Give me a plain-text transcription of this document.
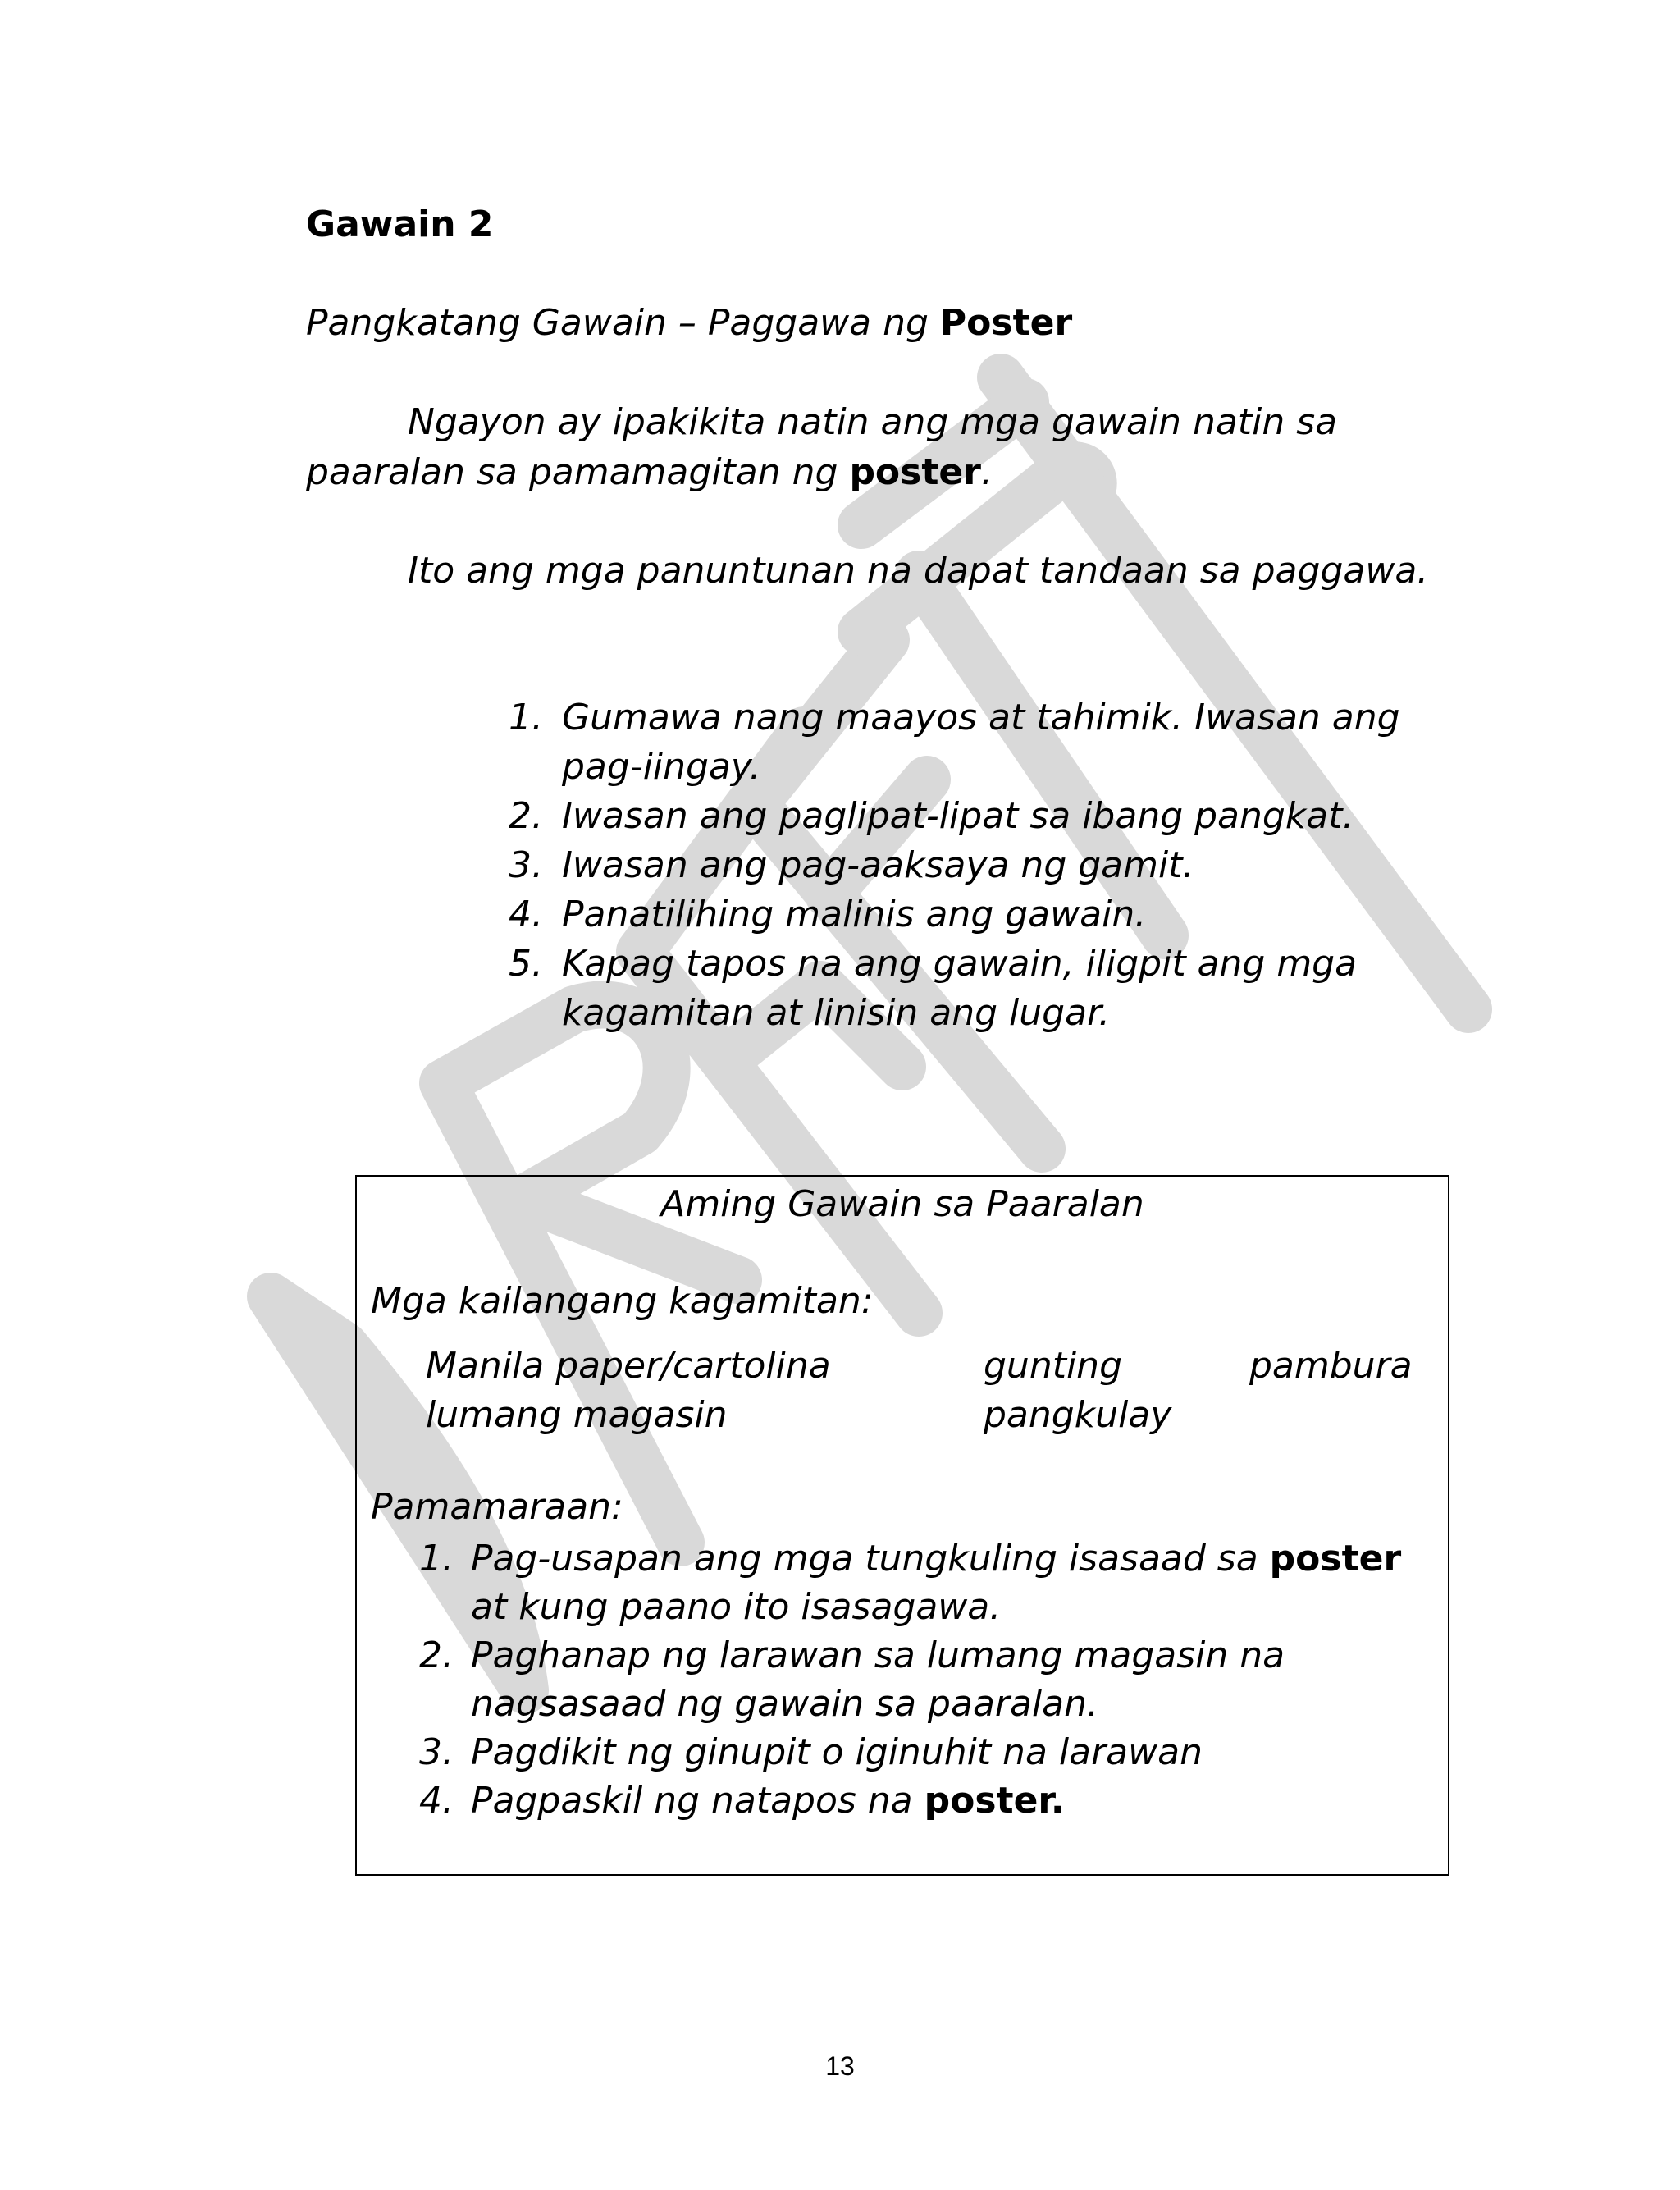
Gawain 2

Pangkatang Gawain – Paggawa ng Poster

Ngayon ay ipakikita natin ang mga gawain natin sa paaralan sa pamamagitan ng poster.

Ito ang mga panuntunan na dapat tandaan sa paggawa.

1. Gumawa nang maayos at tahimik. Iwasan ang pag-iingay.
2. Iwasan ang paglipat-lipat sa ibang pangkat.
3. Iwasan ang pag-aaksaya ng gamit.
4. Panatilihing malinis ang gawain.
5. Kapag tapos na ang gawain, iligpit ang mga kagamitan at linisin ang lugar.

Aming Gawain sa Paaralan

Mga kailangang kagamitan:

Manila paper/cartolina	gunting	pambura

lumang magasin	pangkulay

Pamamaraan:

1. Pag-usapan ang mga tungkuling isasaad sa poster at kung paano ito isasagawa.
2. Paghanap ng larawan sa lumang magasin na nagsasaad ng gawain sa paaralan.
3. Pagdikit ng ginupit o iginuhit na larawan
4. Pagpaskil ng natapos na poster.

13
